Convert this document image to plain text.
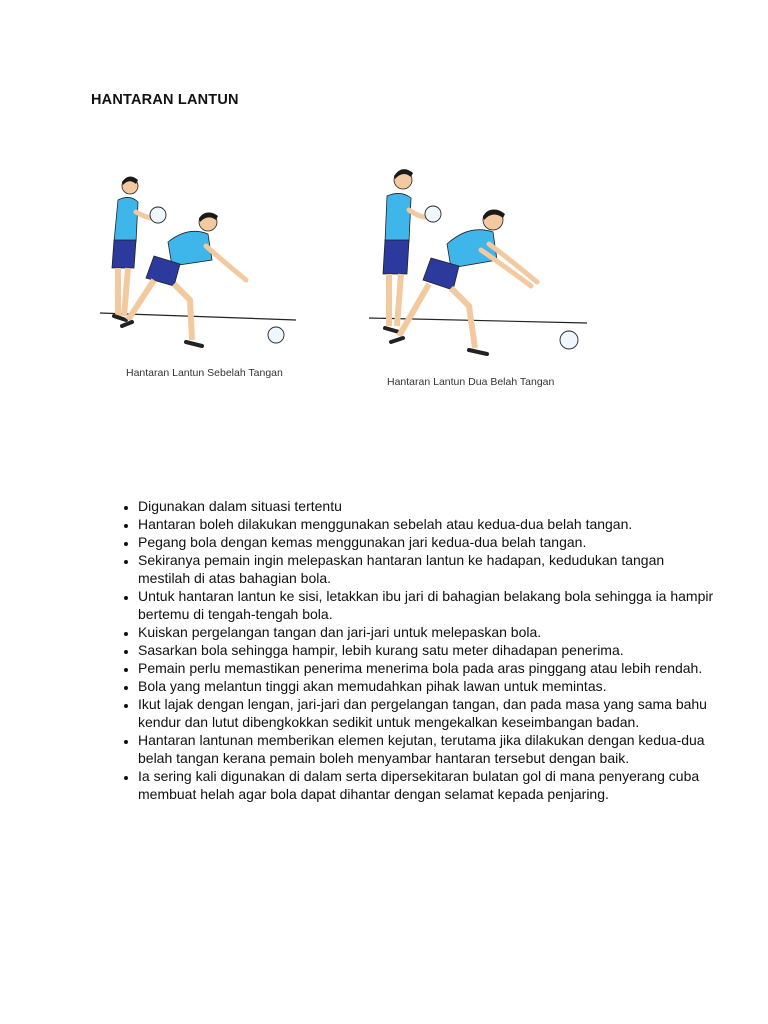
HANTARAN LANTUN
Hantaran Lantun Sebelah Tangan
Hantaran Lantun Dua Belah Tangan
• Digunakan dalam situasi tertentu
• Hantaran boleh dilakukan menggunakan sebelah atau kedua-dua belah tangan.
• Pegang bola dengan kemas menggunakan jari kedua-dua belah tangan.
• Sekiranya pemain ingin melepaskan hantaran lantun ke hadapan, kedudukan tangan mestilah di atas bahagian bola.
• Untuk hantaran lantun ke sisi, letakkan ibu jari di bahagian belakang bola sehingga ia hampir bertemu di tengah-tengah bola.
• Kuiskan pergelangan tangan dan jari-jari untuk melepaskan bola.
• Sasarkan bola sehingga hampir, lebih kurang satu meter dihadapan penerima.
• Pemain perlu memastikan penerima menerima bola pada aras pinggang atau lebih rendah.
• Bola yang melantun tinggi akan memudahkan pihak lawan untuk memintas.
• Ikut lajak dengan lengan, jari-jari dan pergelangan tangan, dan pada masa yang sama bahu kendur dan lutut dibengkokkan sedikit untuk mengekalkan keseimbangan badan.
• Hantaran lantunan memberikan elemen kejutan, terutama jika dilakukan dengan kedua-dua belah tangan kerana pemain boleh menyambar hantaran tersebut dengan baik.
• Ia sering kali digunakan di dalam serta dipersekitaran bulatan gol di mana penyerang cuba membuat helah agar bola dapat dihantar dengan selamat kepada penjaring.
